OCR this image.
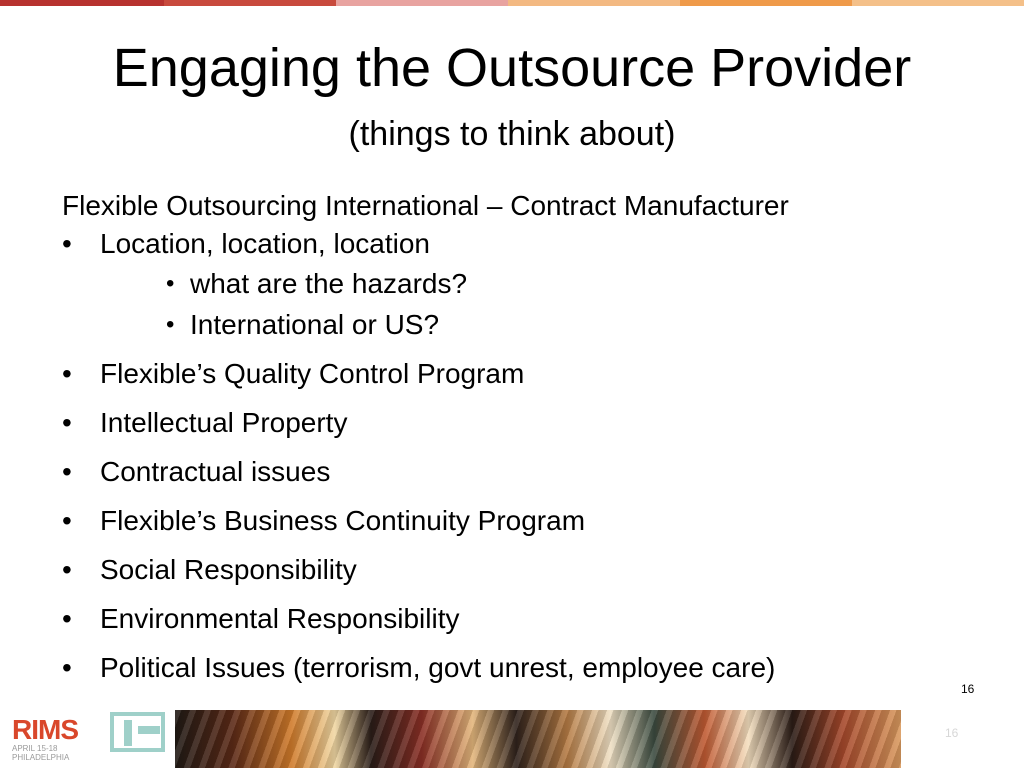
Engaging the Outsource Provider
(things to think about)
Flexible Outsourcing International – Contract Manufacturer
• Location, location, location
• what are the hazards?
• International or US?
• Flexible’s Quality Control Program
• Intellectual Property
• Contractual issues
• Flexible’s Business Continuity Program
• Social Responsibility
• Environmental Responsibility
• Political Issues (terrorism, govt unrest, employee care)
16
RIMS
APRIL 15-18
PHILADELPHIA
16
